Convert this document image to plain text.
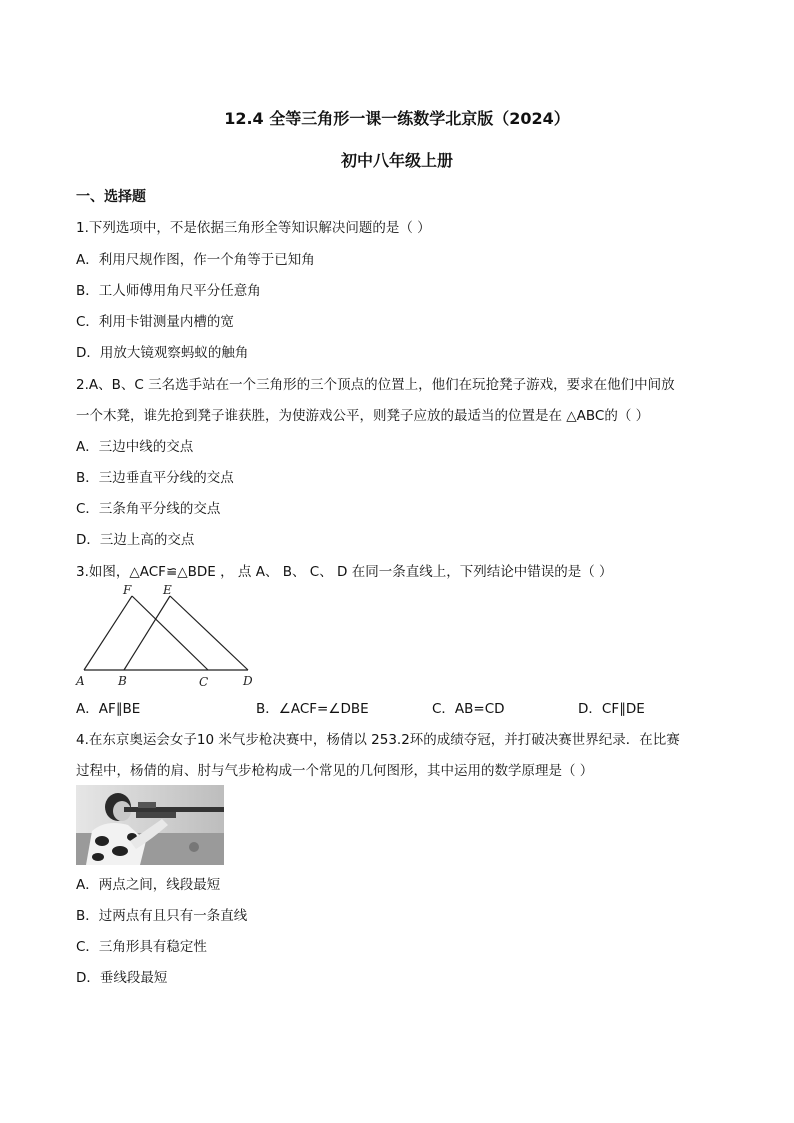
12.4 全等三角形一课一练数学北京版（2024）
初中八年级上册
一、选择题
1.下列选项中，不是依据三角形全等知识解决问题的是（ ）
A．利用尺规作图，作一个角等于已知角
B．工人师傅用角尺平分任意角
C．利用卡钳测量内槽的宽
D．用放大镜观察蚂蚁的触角
2.A、B、C 三名选手站在一个三角形的三个顶点的位置上，他们在玩抢凳子游戏，要求在他们中间放
一个木凳，谁先抢到凳子谁获胜，为使游戏公平，则凳子应放的最适当的位置是在 △ABC的（ ）
A．三边中线的交点
B．三边垂直平分线的交点
C．三条角平分线的交点
D．三边上高的交点
3.如图，△ACF≌△BDE ， 点 A、 B、 C、 D 在同一条直线上，下列结论中错误的是（ ）
F	E
A	B	C	D
A．AF∥BE	B．∠ACF=∠DBE	C．AB=CD	D．CF∥DE
4.在东京奥运会女子10 米气步枪决赛中，杨倩以 253.2环的成绩夺冠，并打破决赛世界纪录．在比赛
过程中，杨倩的肩、肘与气步枪构成一个常见的几何图形，其中运用的数学原理是（ ）
A．两点之间，线段最短
B．过两点有且只有一条直线
C．三角形具有稳定性
D．垂线段最短
